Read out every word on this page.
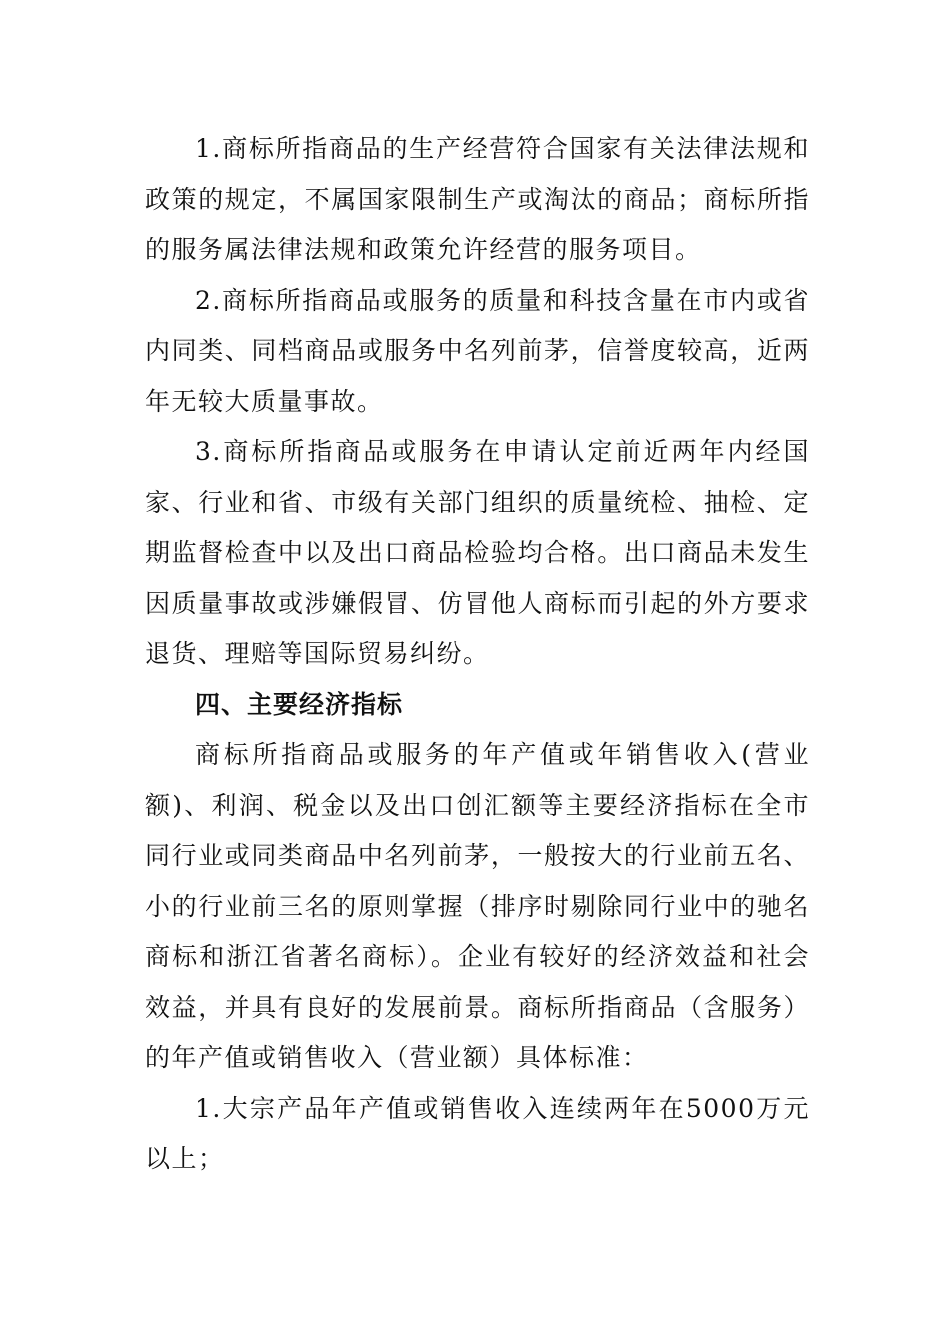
1.商标所指商品的生产经营符合国家有关法律法规和政策的规定，不属国家限制生产或淘汰的商品；商标所指的服务属法律法规和政策允许经营的服务项目。

2.商标所指商品或服务的质量和科技含量在市内或省内同类、同档商品或服务中名列前茅，信誉度较高，近两年无较大质量事故。

3.商标所指商品或服务在申请认定前近两年内经国家、行业和省、市级有关部门组织的质量统检、抽检、定期监督检查中以及出口商品检验均合格。出口商品未发生因质量事故或涉嫌假冒、仿冒他人商标而引起的外方要求退货、理赔等国际贸易纠纷。

四、主要经济指标

商标所指商品或服务的年产值或年销售收入(营业额)、利润、税金以及出口创汇额等主要经济指标在全市同行业或同类商品中名列前茅，一般按大的行业前五名、小的行业前三名的原则掌握（排序时剔除同行业中的驰名商标和浙江省著名商标）。企业有较好的经济效益和社会效益，并具有良好的发展前景。商标所指商品（含服务）的年产值或销售收入（营业额）具体标准：

1.大宗产品年产值或销售收入连续两年在5000万元以上；
